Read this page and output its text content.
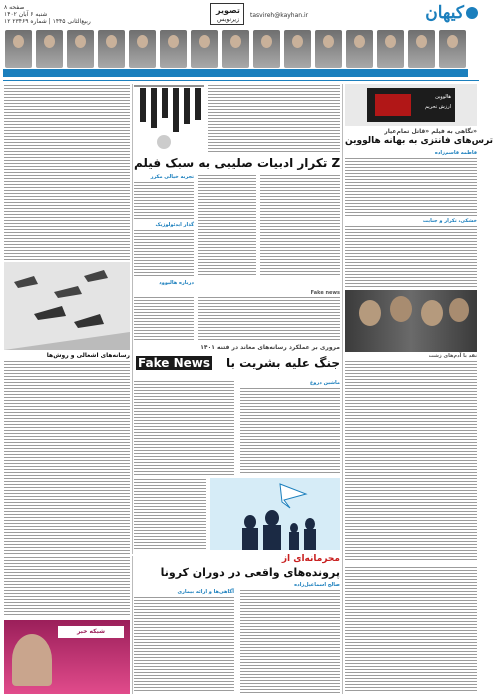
کیهان
صفحه ۸
شنبه ۶ آبان ۱۴۰۲
۱۲ ربیع‌الثانی ۱۴۴۵ | شماره ۲۳۴۶۹
تصویر
زیرنویس
tasvireh@kayhan.ir
هالووین
ارزش تحریم
نگاهی به فیلم «قاتل تمام‌عیار»
ترس‌های فانتزی به بهانه هالووین
فاطمه قاسم‌زاده
خشکی، تکرار و جنایت
نقد با آدم‌های زشت
تکرار ادبیات صلیبی به سبک فیلم Z
تجربه خیالی مکرر
گذار ایدئولوژیک
درباره هالیوود
رسانه‌های اشغالی و روش‌ها
مروری بر عملکرد رسانه‌های معاند در فتنه ۱۴۰۱
Fake News جنگ علیه بشریت با
ماشین دروغ
Fake news
محرمانه‌ای از
پرونده‌های واقعی در دوران کرونا
صالح اسماعیل‌زاده
آگاهی‌ها و ارائه بیماری
شبکه خبر
